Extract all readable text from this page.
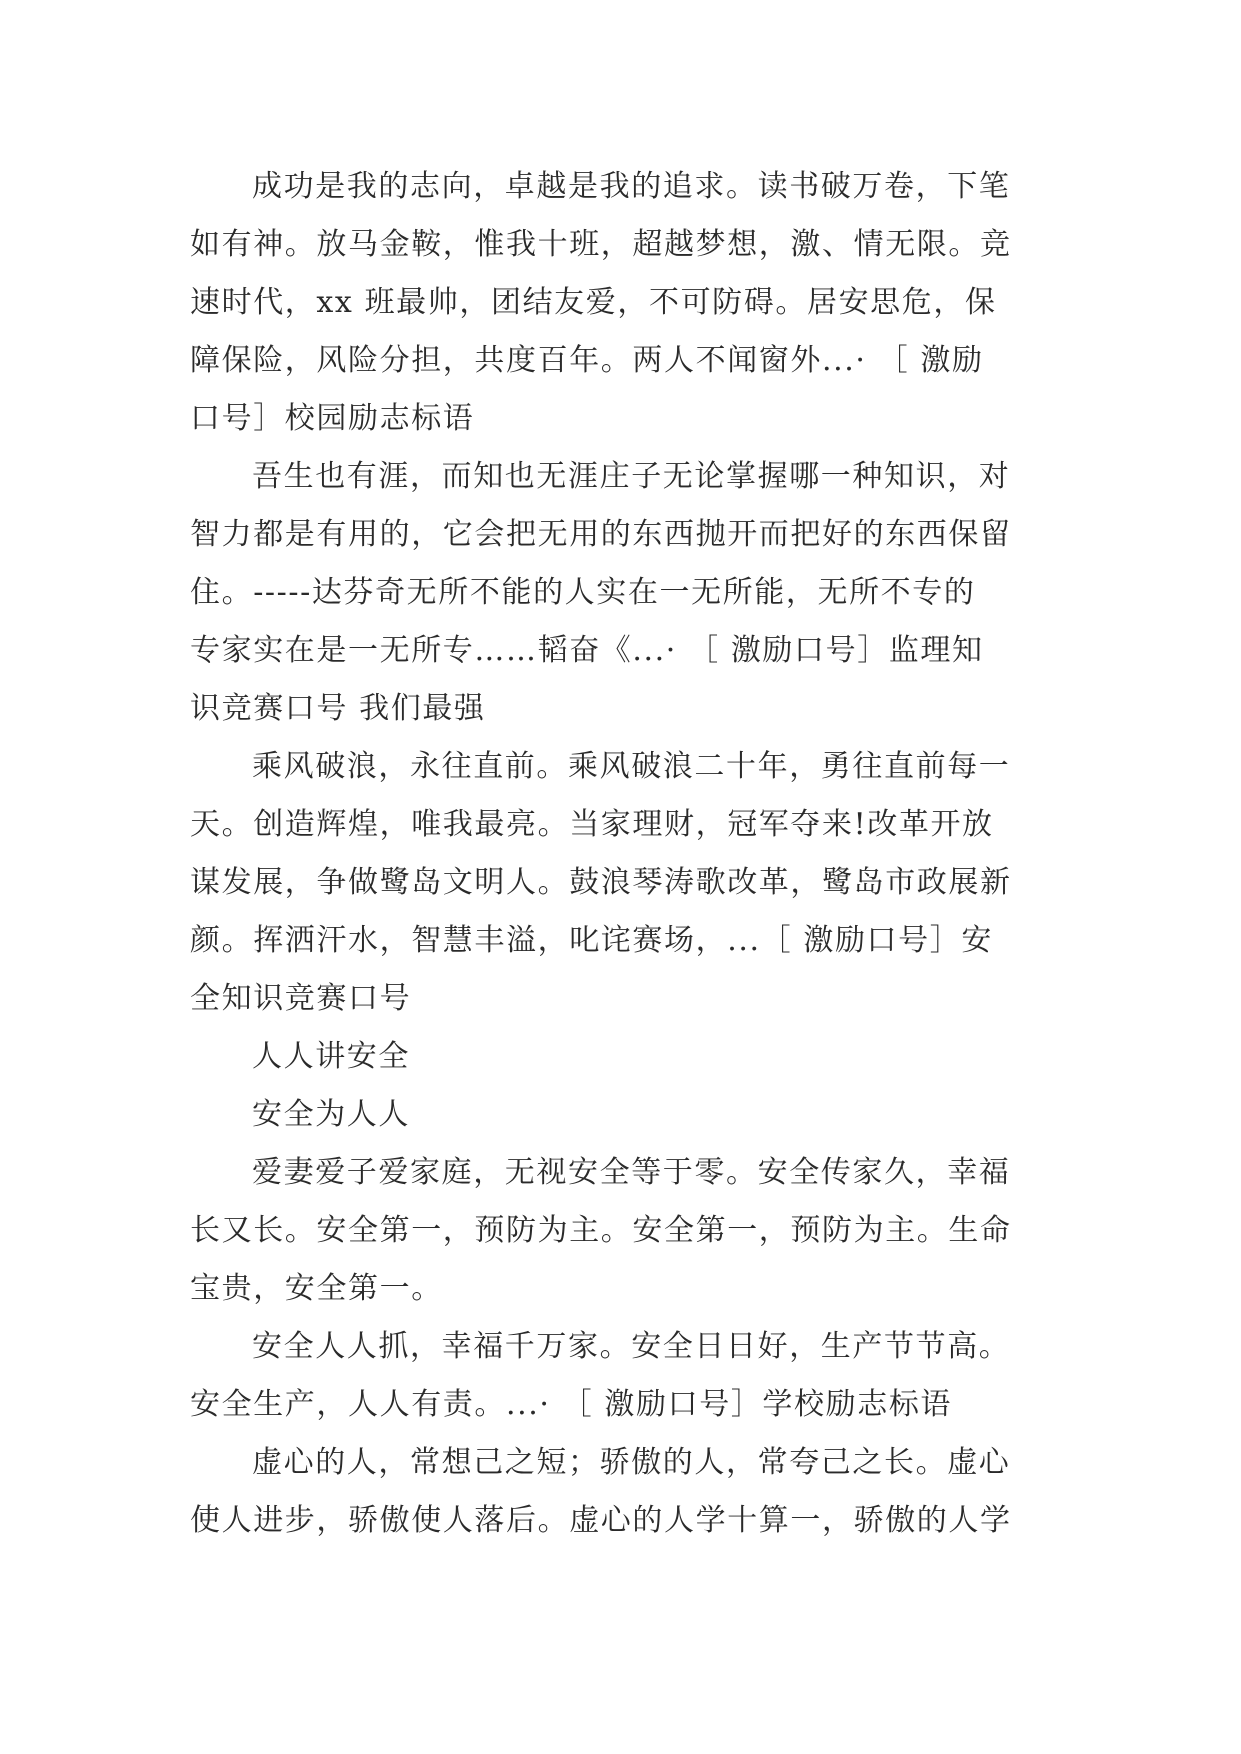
成功是我的志向，卓越是我的追求。读书破万卷，下笔
如有神。放马金鞍，惟我十班，超越梦想，激、情无限。竞
速时代，xx 班最帅，团结友爱，不可防碍。居安思危，保
障保险，风险分担，共度百年。两人不闻窗外...· ［ 激励
口号］校园励志标语
吾生也有涯，而知也无涯庄子无论掌握哪一种知识，对
智力都是有用的，它会把无用的东西抛开而把好的东西保留
住。-----达芬奇无所不能的人实在一无所能，无所不专的
专家实在是一无所专……韬奋《...· ［ 激励口号］监理知
识竞赛口号 我们最强
乘风破浪，永往直前。乘风破浪二十年，勇往直前每一
天。创造辉煌，唯我最亮。当家理财，冠军夺来!改革开放
谋发展，争做鹭岛文明人。鼓浪琴涛歌改革，鹭岛市政展新
颜。挥洒汗水，智慧丰溢，叱诧赛场，...［ 激励口号］安
全知识竞赛口号
人人讲安全
安全为人人
爱妻爱子爱家庭，无视安全等于零。安全传家久，幸福
长又长。安全第一，预防为主。安全第一，预防为主。生命
宝贵，安全第一。
安全人人抓，幸福千万家。安全日日好，生产节节高。
安全生产，人人有责。...· ［ 激励口号］学校励志标语
虚心的人，常想己之短；骄傲的人，常夸己之长。虚心
使人进步，骄傲使人落后。虚心的人学十算一，骄傲的人学
